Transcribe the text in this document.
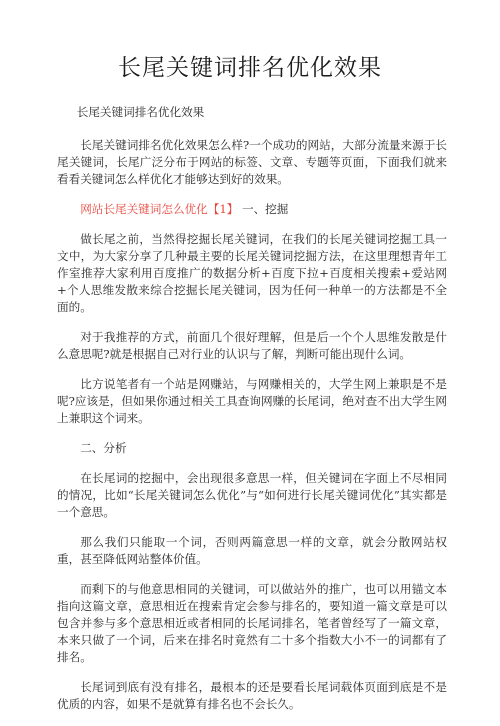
长尾关键词排名优化效果

长尾关键词排名优化效果

长尾关键词排名优化效果怎么样?一个成功的网站，大部分流量来源于长尾关键词，长尾广泛分布于网站的标签、文章、专题等页面，下面我们就来看看关键词怎么样优化才能够达到好的效果。

网站长尾关键词怎么优化【1】 一、挖掘

做长尾之前，当然得挖掘长尾关键词，在我们的长尾关键词挖掘工具一文中，为大家分享了几种最主要的长尾关键词挖掘方法，在这里理想青年工作室推荐大家利用百度推广的数据分析+百度下拉+百度相关搜索+爱站网+个人思维发散来综合挖掘长尾关键词，因为任何一种单一的方法都是不全面的。

对于我推荐的方式，前面几个很好理解，但是后一个个人思维发散是什么意思呢?就是根据自己对行业的认识与了解，判断可能出现什么词。

比方说笔者有一个站是网赚站，与网赚相关的，大学生网上兼职是不是呢?应该是，但如果你通过相关工具查询网赚的长尾词，绝对查不出大学生网上兼职这个词来。

二、分析

在长尾词的挖掘中，会出现很多意思一样，但关键词在字面上不尽相同的情况，比如“长尾关键词怎么优化”与“如何进行长尾关键词优化”其实都是一个意思。

那么我们只能取一个词，否则两篇意思一样的文章，就会分散网站权重，甚至降低网站整体价值。

而剩下的与他意思相同的关键词，可以做站外的推广，也可以用锚文本指向这篇文章，意思相近在搜索肯定会参与排名的，要知道一篇文章是可以包含并参与多个意思相近或者相同的长尾词排名，笔者曾经写了一篇文章，本来只做了一个词，后来在排名时竟然有二十多个指数大小不一的词都有了排名。

长尾词到底有没有排名，最根本的还是要看长尾词载体页面到底是不是优质的内容，如果不是就算有排名也不会长久。
